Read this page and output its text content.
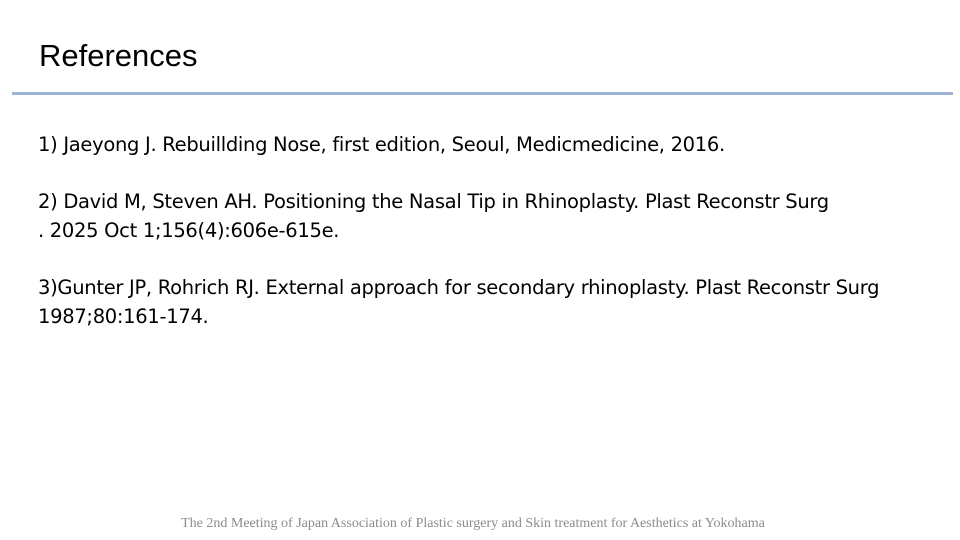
References
1) Jaeyong J. Rebuillding Nose, first edition, Seoul, Medicmedicine, 2016.
2) David M, Steven AH. Positioning the Nasal Tip in Rhinoplasty. Plast Reconstr Surg
. 2025 Oct 1;156(4):606e-615e.
3)Gunter JP, Rohrich RJ. External approach for secondary rhinoplasty. Plast Reconstr Surg
1987;80:161-174.
The 2nd Meeting of Japan Association of Plastic surgery and Skin treatment for Aesthetics at Yokohama
